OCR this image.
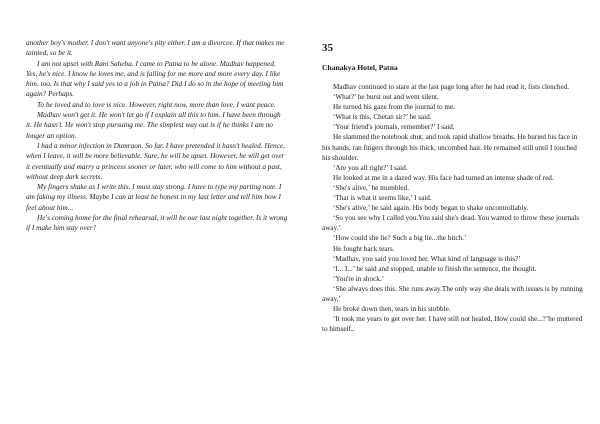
another boy's mother. I don't want anyone's pity either. I am a divorcee. If that makes me tainted, so be it.

I am not upset with Rani Saheba. I came to Patna to be alone. Madhav happened. Yes, he's nice. I know he loves me, and is falling for me more and more every day. I like him, too. Is that why I said yes to a job in Patna? Did I do so in the hope of meeting him again? Perhaps.

To be loved and to love is nice. However, right now, more than love, I want peace.

Madhav won't get it. He won't let go if I explain all this to him. I have been through it. He hasn't. He won't stop pursuing me. The simplest way out is if he thinks I am no longer an option.

I had a minor infection in Dumraon. So far, I have pretended it hasn't healed. Hence, when I leave, it will be more believable. Sure, he will be upset. However, he will get over it eventually and marry a princess sooner or later, who will come to him without a past, without deep dark secrets.

My fingers shake as I write this. I must stay strong. I have to type my parting note. I am faking my illness. Maybe I can at least be honest in my last letter and tell him how I feel about him...

He's coming home for the final rehearsal, it will be our last night together. Is it wrong if I make him stay over?

35
Chanakya Hotel, Patna

Madhav continued to stare at the last page long after he had read it, fists clenched.

‘What?’ he burst out and went silent.

He turned his gaze from the journal to me.

‘What is this, Chetan sir?’ he said.

‘Your friend's journals, remember?’ I said.

He slammed the notebook shut, and took rapid shallow breaths. He buried his face in his hands, ran fingers through his thick, uncombed hair. He remained still until I touched his shoulder.

‘Are you all right?’ I said.

He looked at me in a dazed way. His face had turned an intense shade of red.

‘She's alive,’ he mumbled.

‘That is what it seems like,’ I said.

‘She's alive,’ he said again. His body began to shake uncontrollably.

‘So you see why I called you.You said she's dead. You wanted to throw these journals away.’

‘How could she lie? Such a big lie...the bitch.’

He fought back tears.

‘Madhav, you said you loved her. What kind of language is this?’

‘I... I...’ he said and stopped, unable to finish the sentence, the thought.

‘You're in shock.’

‘She always does this. She runs away.The only way she deals with issues is by running away,’

He broke down then, tears in his stubble.

‘It took me years to get over her. I have still not healed, How could she...?’he muttered to himself,.
